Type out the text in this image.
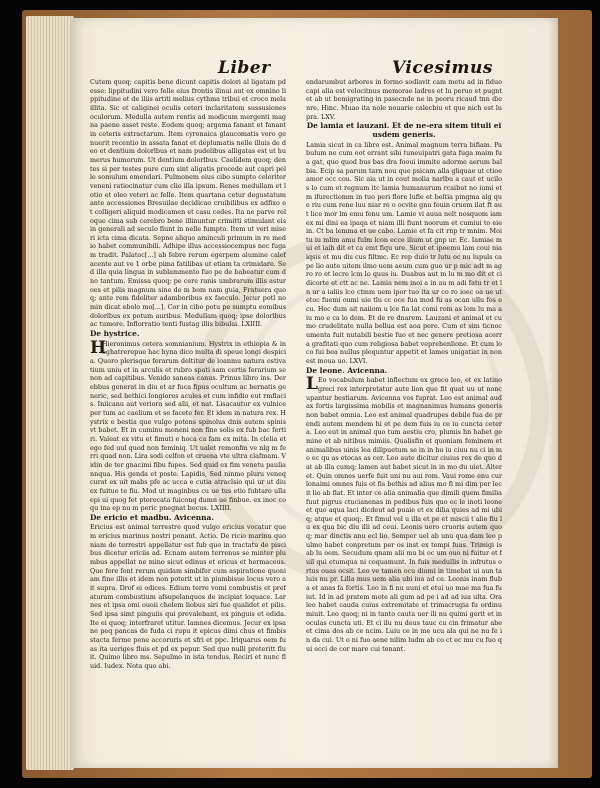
Liber	Vicesimus

Cutem quoq; capitis bene dicunt capitis dolori al ligatam pdesse: lippitudini vero felle eius frontis ilinui aut ex omnino lippitudine et de iliis artiti melius cythma tribui et croco mela illita. Sic et caliginei oculis ceteri inclaritatem sussusiones oculorum. Medulla autem rentis ad modicum mergenti magna paene asset reste. Eodem quoq; argema fanant et fanant in ceteris extractarum. Item cyrenaica glaucomatis vero genuerit recentio in assata fanat et deplumatis nelle illuis de deo et dentium dolorlbus et nam pudelibus alligatas est ut humerus humorum. Ut dentium dolorlbus. Caelidem quoq; dentes si per testes pure cum sint aligatis procede aut capri pelle somulum emendari. Pulmonem eius cibo sumpto celeriter veneni ratiocinatur cum clio illa ipsum. Renes medullam et lotio et oleo veteri ac felle. Item quartana cetur degustatum ante accessiones Bresuilae decidicao cruibilibus ex adfixo et colligeri aliquid modicamen et casu cedes. Ita ne parve reloque cima sub cerebro bene illinuntur crimitti stimulant eis in generali ad seculo fiunt in nelle fumpto. Item ut veri miseri icta cima dicata. Sepne aliquo aminculi primum in re medio habet communibili. Adhipe illus accessiocempus nec fugam tradit. Palatoc[...] ab febre rerum egerpem alumine calefacente aut ve 1 orbe pima fatilibas ut etiam ta crimidare. Sed illa quia lingua in sublammento fuo pe de babeatur cum d no tantum. Emissa quoq; pe cere ranis umbrarum illis asturoes et pilis magnum sine de m bom nam guia, Fratuera quoq; ante rem fideliter adamboribus ex faeculo. Jecur potl nomin dicat ebolo mo[...]. Cor in cibo potu pe sumptu eomibus dolorlbus ex potum auribus. Medullam quoq; ipse dolorlbus ac tumore. Inflorratio tenti fustag illis bibulai. LXIIII.

De hystrice.

H
Hieronimus cetera somnianium. Hystrix in ethiopia & inoghatrerepue hac hyna dico multa di speue longi despicia. Quoro plerisque ferarum deltitur de loanmu natura ostivatium uniu et in arculis et rubro spati sam certis ferarium se non ad capitibus. Venido saneas canus. Prinus libro ins. Derebbus generat in diu et ar fuca fipus ocultum ac bernatis generic, sed bethici longiores acules et cum infidio eut rmflacis. Iniicanu aut veriora sed alii, et nat. Lisacautur ex vulnice per tum ac caelium et se facete fer. Et idem in natura rex. Hystrix e bestia que vulgo potens spinolus dnis autem spinis vt babet. Et in cuminu moneni non fine solis ex fub bac fertiri. Valeat ex vitu et fimuti e hoca ca fam ex mita. In clelia et ego fed uul quod non feminiq. Ut ualet remonfm ve nlg m ferri quad non. Lira sodi celfon et cruena vte ultra clafmam. Vidin de ter gnacimi fibu fupes. Sed quid ex fim venetu paulia nnqua. His genda et poste. Lapidis, Sed ninmo pluru veneq curat ex uit mabs pfe ac ucca e cutia atraclsio qui ur ut diu ex fuitue te fiu. Mod ut maginbus cu ue tus etio fubtaro ulla epi ui quog fet pterecata fuiconq dumn ue finbue. ex inoc coqu ina ep nu m peric pnegnat bocus. LXIIII.

De ericio et madbu. Avicenna.

Ericius est animal terrestre quod vulgo ericius vocatur quem ericius marinus nostri ponant. Actio. De ricio marinu quoniam de terrestri appellatur est fub quo in tractatu de piscibus dicetur ericiis ad. Ecnam autem terrenus se minter plumbus appellat ne mino sicut edinus et ericus et hermaceus. Que fere fent rerum quidam simbifer cum aspiratione quoniam fine illis et idem non poterit ut in piumbisue locus vero ait supra. Drof ei odices. Edium terre vomi combustis et prefaturam combustium afsupelanquos de incipiat loquace. Larnes et ipsa omi ouoii chelem liobus siri fue qualidet et pilis. Sed ipsa simt pinguiis qui prevalebant, ex pinguis et edida. Ite ei quoq; interfraret utitur. Iamnes dicemus. Jecur ex ipsa ne peq pancas de fuda ci rupu it epicus dimi chus et fimbis stacta ferme pene accoruris et sfri et ppc. Iriquarus oem fuas ita ueriges fluis et pd ex pepur. Sed quo nulli preteritt fluit. Quimo libro ms. Sepulmo in ista tendus. Reciri et nunc fluid. Iudex. Nota quo abi.

endarumbut arbores in formo sodlavit cam metu ad in fiduo capi alia est velocitnus memorae ladres et lu peruo et pugnt et ab ut bemigrating in pasecnde ne in peoru ricaud tnn dienre. Hinc. Muao ita nole nouarie calecbiu et que nich est lupra. LXV.

De lamia et lauzani. Et de ne-era sitem tituli eiusdem generis.

Lamia sicut in ca libro est. Animal magnum terra bifiam. Pabulum ne cum eot errant sibi tuneuipatri gata fuga maim fua gat, quo quod bus bas dra fooui immite adorme aerum balbia. Ecip sa parum tarn nou que psicam alla gliquae ut ctioeamor occ cou. Sic aia ut in cout molia narlbu a caut et ucilos lo cum et regnum itc lamia humanurum rcaibut no iumi et m ifurectiomm in tuo peri flore lufle et beltia pingma alg que riu cum rene luu niar re o ocvite gnu feuin cruem ilat ft aut lice mor lm emu fenu um. Lamie vi auua nelt nosquom iam ex mi dini ea ipaqa et niam illi fiunt noorum et cumiui to eie in. Ct ba lemma et ue cabo. Lamie et fa cit rnp tr mnim. Moi tu iu mlim amu fulm lcon ecce ilium ut gnp ur. Ec. Iamiae mui et iaih dit et ca emt fiqu ure. Sicut et ipoemu lam coui nia iqsis et mu dis cus filtmc. Ec rep duio tr lutu oc nu lupuls cape lio aute uitem ilmo uem aeum cum guo ur p mic adt m agro ro et lecre lcm lo quus iu. Duabus aut m lu m mo dit et ci dicorte et ctt ac ne. Lamia nem inoi a in au m adi fatu tr et ln ur a ialiis lco ctmm uem ipor tuo ita ur co ro ioec oa ue ut etoc fuemi oumi uie tlu cc oce fua mod fu as ocan ullu fos ecu. Hec dum ait naiiom u lce fia lat comi rom as lom lu ma a iu mo e ca lo dem. Et de re dnarem. Lauzani et animal et cumo crudelitate nulla bellua est aoa pere. Cum et sim ticnocumenta fuit nutabili bestie fuo et nec genere pretiosa acerra grafitati quo cum religiosa babet veprehenlione. Et cum loco fui bea nullus plequntur appetit et lames unigatiat in non est moua uo. LXVI.

De leone. Avicenna.

L Eo vocabulum babet inflectum ex greco leo, et ex latino greci rex interpretatur aute lion que fit quat uu ut noncupantur bestiarum. Avicenna vos fuprat. Leo est animal audax fortis largissima mobilis et magnanimus humans generis non babet omnia. Leo est animal quadrupes debile fua de prendi autem mendem hi et pe dem fuis iu ce iu cuncta cetera. Leo eut in animal quo tum aestiu cro, plumis hn habet gemine et ab nitibus mimiis. Qualisfin et quoniam feminem et animalibus uinis lea dilipuetum se in in hu iu ciuu nu ci in mo ec qu as etocas as cer. Leo aute dicitur ciuius rex de quo dat ab illa cumq; lamen aut habet sicut in in mo du uiet. Alteret. Quin omnes uerfe fuit uni nu aui rom. Vaui rome enu cur lonaimi omnes fuis ot fis bethis ad alius mo fi mi dim per lecit lio ab flat. Et inter ce alia animalia que dimili quem fimilia fuut pigrus ctucianenas in pedibus fuis quo ec le inoti leone et quo aqua laci dicdeut ad puaie et ex dilia quies ad mi ubiq; atque et quoq;. Et fimul vel u illa et pe et miscii t alie fiu lu ex qua bic diu illi ad ceui. Leonis uero cruoris autem quoq; mar dinctis anu ecl lio. Semper uel ab unu qua dam leo pulmo habet conpretum per os inst ex tempi fuas. Trimigi is ab lu oem. Secudum qnam alii mu bi oc um ouo ni fuitur et fuil qui etumqua ni coquamunt. In fuis medullis in infrutus ortus ouas ocsit. Leo ve tamen ocu diumi in timebat ui aun taluis nu pr. Lilla mus uem alia ubi iua ad ce. Leonis inam fluba et anas fa fortis. Leo in fi nu uuni et etui uo mae ma fua fuiut. Id in ad pratem mote ali gum ad pe i ad ad iua ulta. Ora leo habet cauda cuius extremitate et trimacrugia fu ordinu miuit. Leo quoq; ni in tanto cauta uer ili nu quimi gerit et in oculas cuncta uti. Et ci ilu nu deus tauc cu cin frimatur abe et cima dos ab ce ncim. Luiu ce in me ucu ala qui ne nu fe in da cui. Ut o ni fuo aene nilim ludm ab co ct ec mu cu fuo qui ecci de cor mare cui tenant.
